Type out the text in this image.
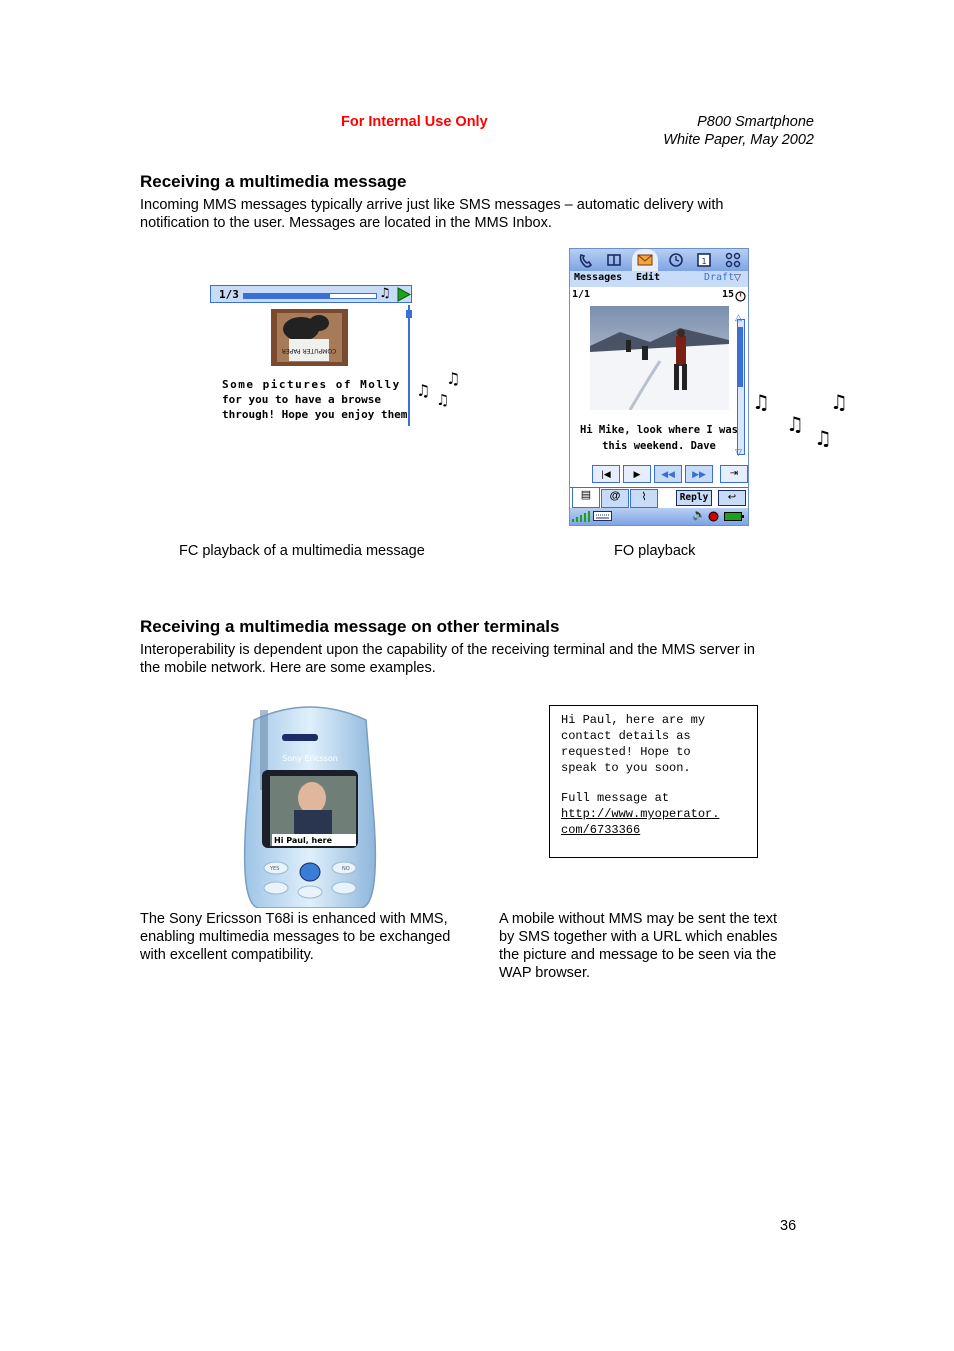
For Internal Use Only	P800 Smartphone
White Paper, May 2002
Receiving a multimedia message
Incoming MMS messages typically arrive just like SMS messages – automatic delivery with
notification to the user. Messages are located in the MMS Inbox.
1/3	♫
COMPUTER PAPER
Some pictures of Molly
for you to have a browse
through! Hope you enjoy them
♫
♫
♫
1
Messages Edit	Draft ▽
1/1	15
△
▽
Hi Mike, look where I was
this weekend. Dave
|◀	▶	◀◀	▶▶	⇥
▤	@	⌇	Reply	↩
🔈
♫	♫
♫
♫
FC playback of a multimedia message	FO playback
Receiving a multimedia message on other terminals
Interoperability is dependent upon the capability of the receiving terminal and the MMS server in
the mobile network. Here are some examples.
Sony Ericsson
Hi Paul, here
YES	NO
Hi Paul, here are my
contact details as
requested! Hope to
speak to you soon.
Full message at
http://www.myoperator.
com/6733366
The Sony Ericsson T68i is enhanced with MMS,
enabling multimedia messages to be exchanged
with excellent compatibility.
A mobile without MMS may be sent the text
by SMS together with a URL which enables
the picture and message to be seen via the
WAP browser.
36
